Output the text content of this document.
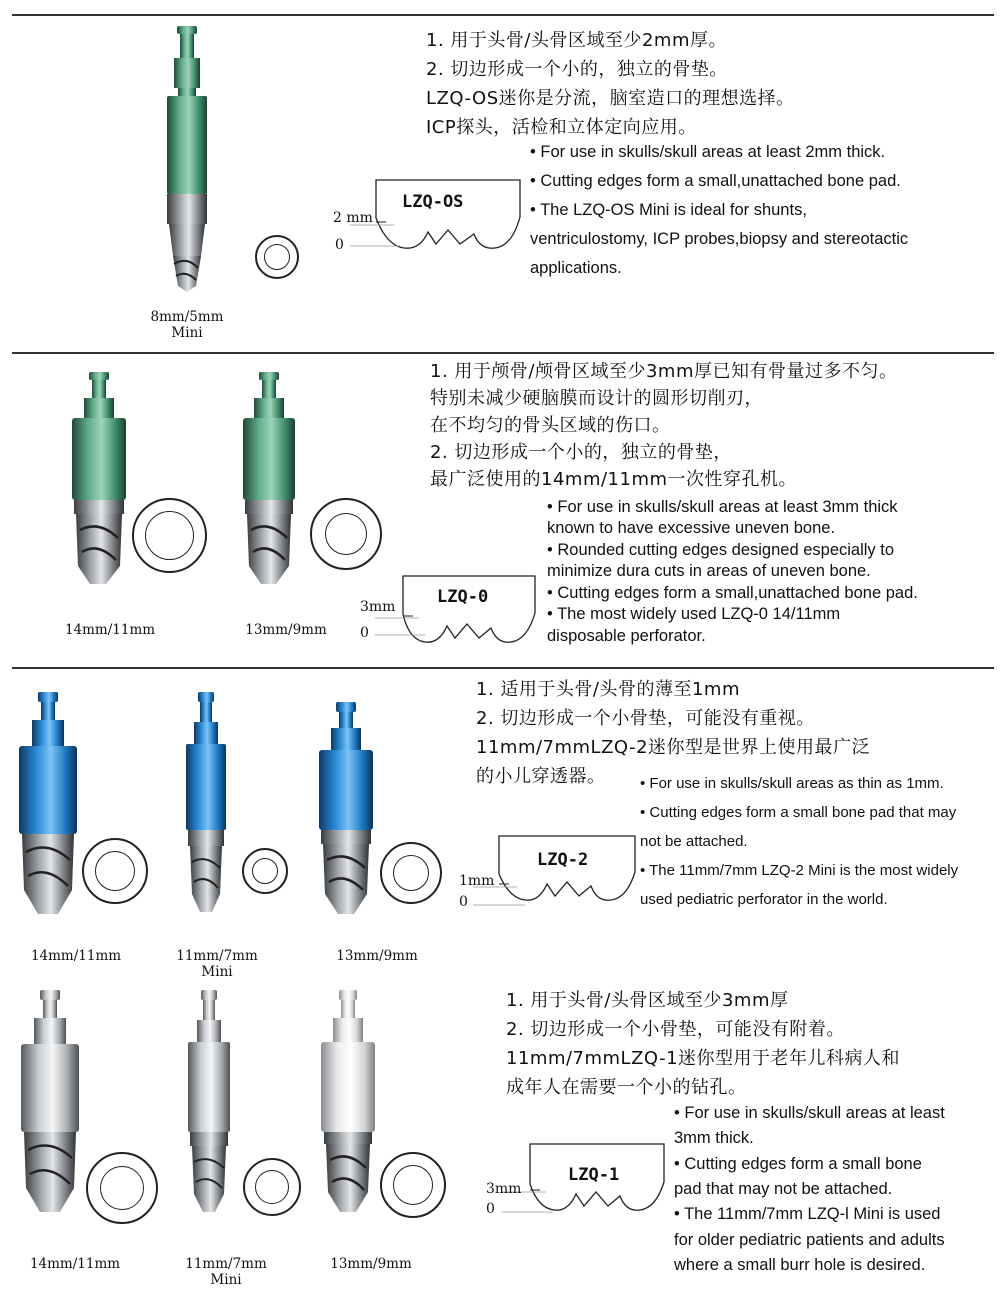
8mm/5mm
Mini
LZQ-OS
2 mm
0
1. 用于头骨/头骨区域至少2mm厚。
2. 切边形成一个小的，独立的骨垫。
LZQ-OS迷你是分流，脑室造口的理想选择。
ICP探头，活检和立体定向应用。
• For use in skulls/skull areas at least 2mm thick.
• Cutting edges form a small,unattached bone pad.
• The LZQ-OS Mini is ideal for shunts,
ventriculostomy, ICP probes,biopsy and stereotactic
applications.
14mm/11mm	13mm/9mm
LZQ-0
3mm
0
1. 用于颅骨/颅骨区域至少3mm厚已知有骨量过多不匀。
特别未减少硬脑膜而设计的圆形切削刃，
在不均匀的骨头区域的伤口。
2. 切边形成一个小的，独立的骨垫，
最广泛使用的14mm/11mm一次性穿孔机。
• For use in skulls/skull areas at least 3mm thick
known to have excessive uneven bone.
• Rounded cutting edges designed especially to
minimize dura cuts in areas of uneven bone.
• Cutting edges form a small,unattached bone pad.
• The most widely used LZQ-0 14/11mm
disposable perforator.
14mm/11mm	11mm/7mm
Mini
13mm/9mm
LZQ-2
1mm
0
1. 适用于头骨/头骨的薄至1mm
2. 切边形成一个小骨垫，可能没有重视。
11mm/7mmLZQ-2迷你型是世界上使用最广泛
的小儿穿透器。 • For use in skulls/skull areas as thin as 1mm.
• Cutting edges form a small bone pad that may
not be attached.
• The 11mm/7mm LZQ-2 Mini is the most widely
used pediatric perforator in the world.
14mm/11mm	11mm/7mm
Mini
13mm/9mm
LZQ-1
3mm
0
1. 用于头骨/头骨区域至少3mm厚
2. 切边形成一个小骨垫，可能没有附着。
11mm/7mmLZQ-1迷你型用于老年儿科病人和
成年人在需要一个小的钻孔。
• For use in skulls/skull areas at least
3mm thick.
• Cutting edges form a small bone
pad that may not be attached.
• The 11mm/7mm LZQ-l Mini is used
for older pediatric patients and adults
where a small burr hole is desired.
